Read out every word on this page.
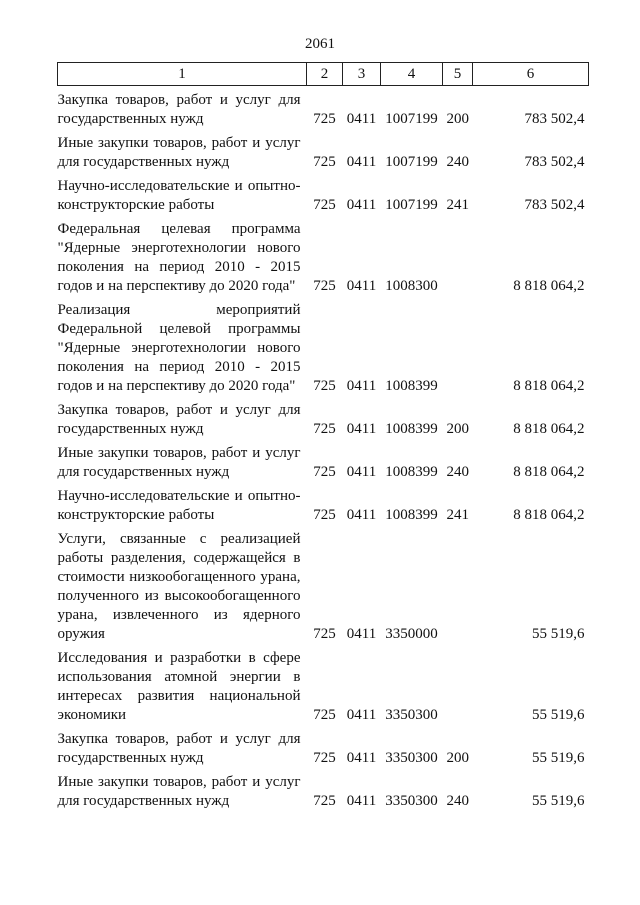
2061
1	2	3	4	5	6

Закупка товаров, работ и услуг для государственных нужд	725	0411	1007199	200	783 502,4

Иные закупки товаров, работ и услуг для государственных нужд	725	0411	1007199	240	783 502,4

Научно-исследовательские и опытно-конструкторские работы	725	0411	1007199	241	783 502,4

Федеральная целевая программа "Ядерные энерготехнологии нового поколения на период 2010 - 2015 годов и на перспективу до 2020 года"	725	0411	1008300		8 818 064,2

Реализация мероприятий Федеральной целевой программы "Ядерные энерготехнологии нового поколения на период 2010 - 2015 годов и на перспективу до 2020 года"	725	0411	1008399		8 818 064,2

Закупка товаров, работ и услуг для государственных нужд	725	0411	1008399	200	8 818 064,2

Иные закупки товаров, работ и услуг для государственных нужд	725	0411	1008399	240	8 818 064,2

Научно-исследовательские и опытно-конструкторские работы	725	0411	1008399	241	8 818 064,2

Услуги, связанные с реализацией работы разделения, содержащейся в стоимости низкообогащенного урана, полученного из высокообогащенного урана, извлеченного из ядерного оружия	725	0411	3350000		55 519,6

Исследования и разработки в сфере использования атомной энергии в интересах развития национальной экономики	725	0411	3350300		55 519,6

Закупка товаров, работ и услуг для государственных нужд	725	0411	3350300	200	55 519,6

Иные закупки товаров, работ и услуг для государственных нужд	725	0411	3350300	240	55 519,6
